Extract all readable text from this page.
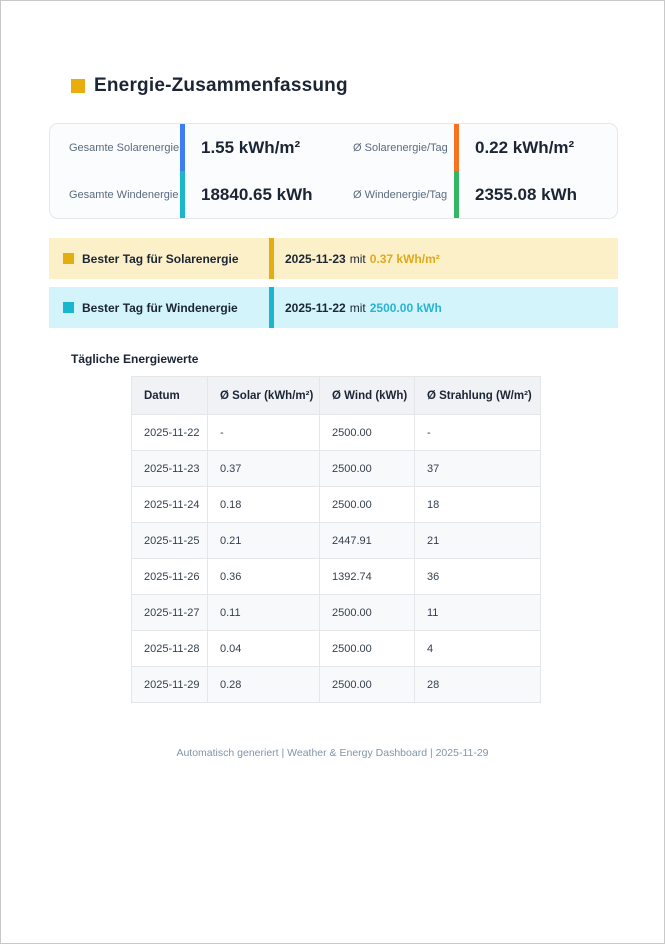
Energie-Zusammenfassung
Gesamte Solarenergie	1.55 kWh/m²	Ø Solarenergie/Tag	0.22 kWh/m²
Gesamte Windenergie	18840.65 kWh	Ø Windenergie/Tag	2355.08 kWh
Bester Tag für Solarenergie	2025-11-23 mit 0.37 kWh/m²
Bester Tag für Windenergie	2025-11-22 mit 2500.00 kWh
Tägliche Energiewerte
Datum	Ø Solar (kWh/m²)	Ø Wind (kWh)	Ø Strahlung (W/m²)
2025-11-22	-	2500.00	-
2025-11-23	0.37	2500.00	37
2025-11-24	0.18	2500.00	18
2025-11-25	0.21	2447.91	21
2025-11-26	0.36	1392.74	36
2025-11-27	0.11	2500.00	11
2025-11-28	0.04	2500.00	4
2025-11-29	0.28	2500.00	28
Automatisch generiert | Weather & Energy Dashboard | 2025-11-29
